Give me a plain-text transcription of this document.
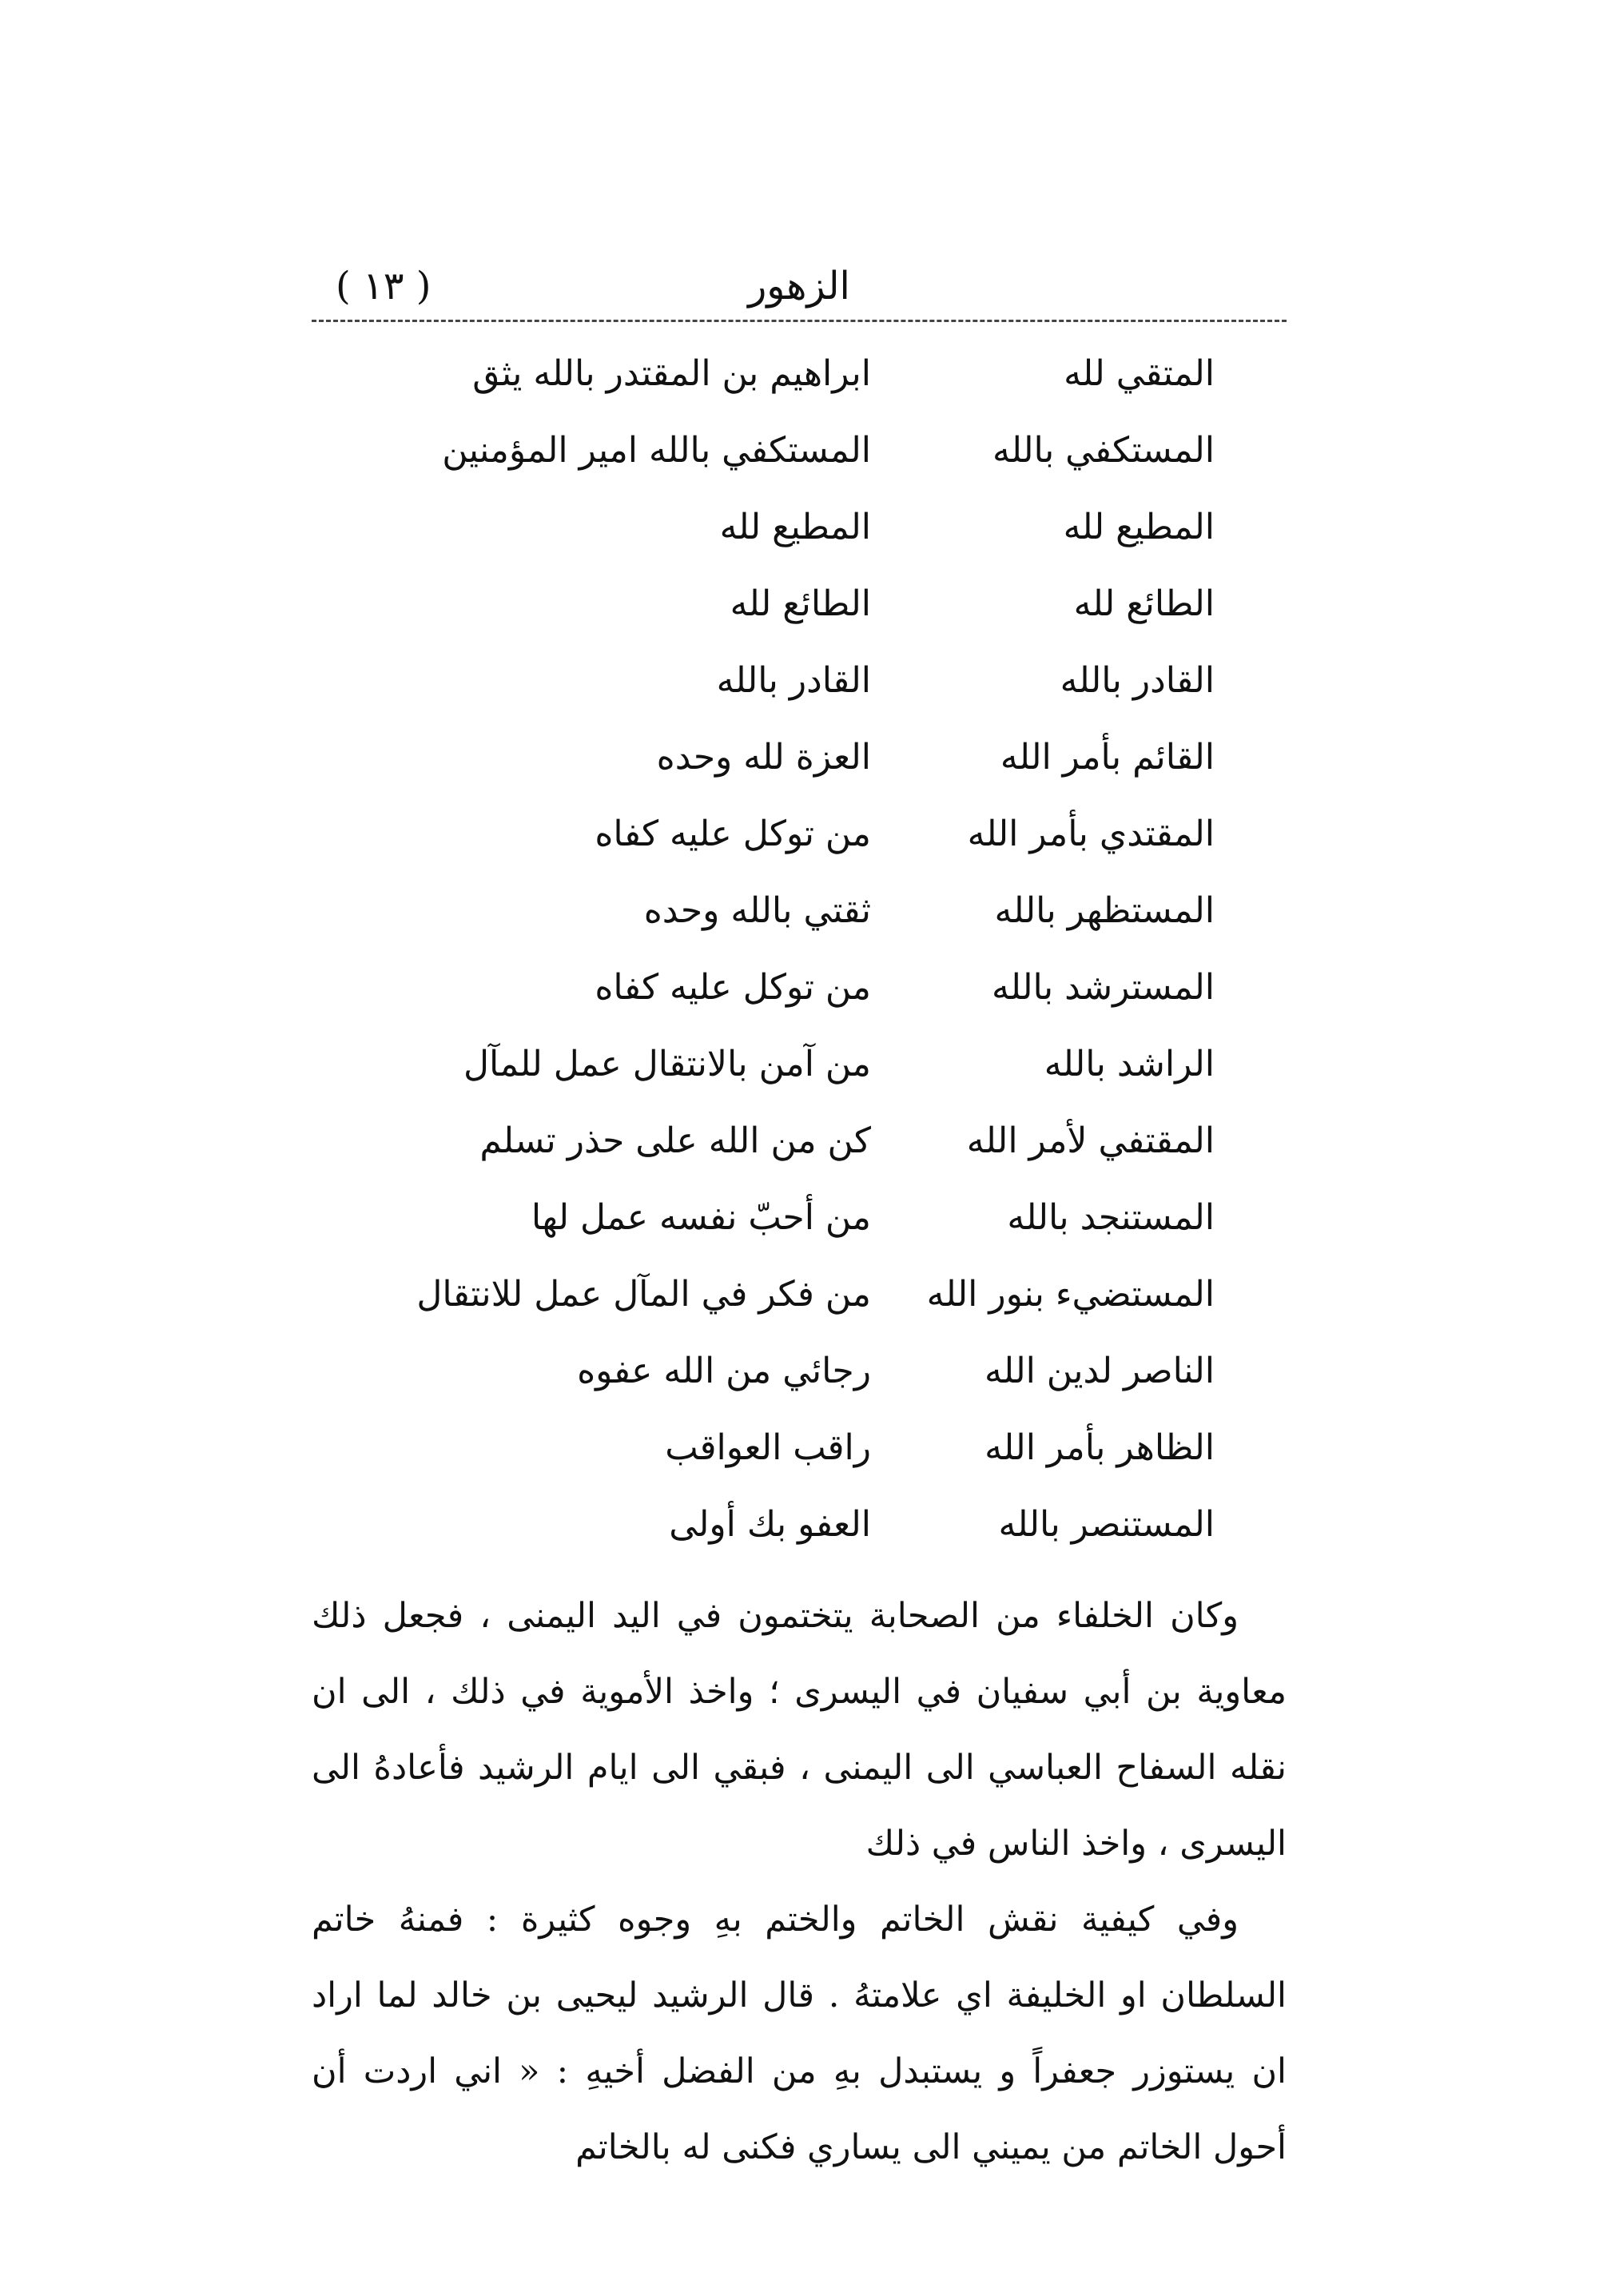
الزهور
( ١٣ )
المتقي لله
ابراهيم بن المقتدر بالله يثق
المستكفي بالله
المستكفي بالله امير المؤمنين
المطيع لله
المطيع لله
الطائع لله
الطائع لله
القادر بالله
القادر بالله
القائم بأمر الله
العزة لله وحده
المقتدي بأمر الله
من توكل عليه كفاه
المستظهر بالله
ثقتي بالله وحده
المسترشد بالله
من توكل عليه كفاه
الراشد بالله
من آمن بالانتقال عمل للمآل
المقتفي لأمر الله
كن من الله على حذر تسلم
المستنجد بالله
من أحبّ نفسه عمل لها
المستضيء بنور الله
من فكر في المآل عمل للانتقال
الناصر لدين الله
رجائي من الله عفوه
الظاهر بأمر الله
راقب العواقب
المستنصر بالله
العفو بك أولى

وكان الخلفاء من الصحابة يتختمون في اليد اليمنى ، فجعل ذلك معاوية بن أبي سفيان في اليسرى ؛ واخذ الأموية في ذلك ، الى ان نقله السفاح العباسي الى اليمنى ، فبقي الى ايام الرشيد فأعادهُ الى اليسرى ، واخذ الناس في ذلك

وفي كيفية نقش الخاتم والختم بهِ وجوه كثيرة : فمنهُ خاتم السلطان او الخليفة اي علامتهُ . قال الرشيد ليحيى بن خالد لما اراد ان يستوزر جعفراً و يستبدل بهِ من الفضل أخيهِ : « اني اردت أن أحول الخاتم من يميني الى يساري فكنى له بالخاتم
